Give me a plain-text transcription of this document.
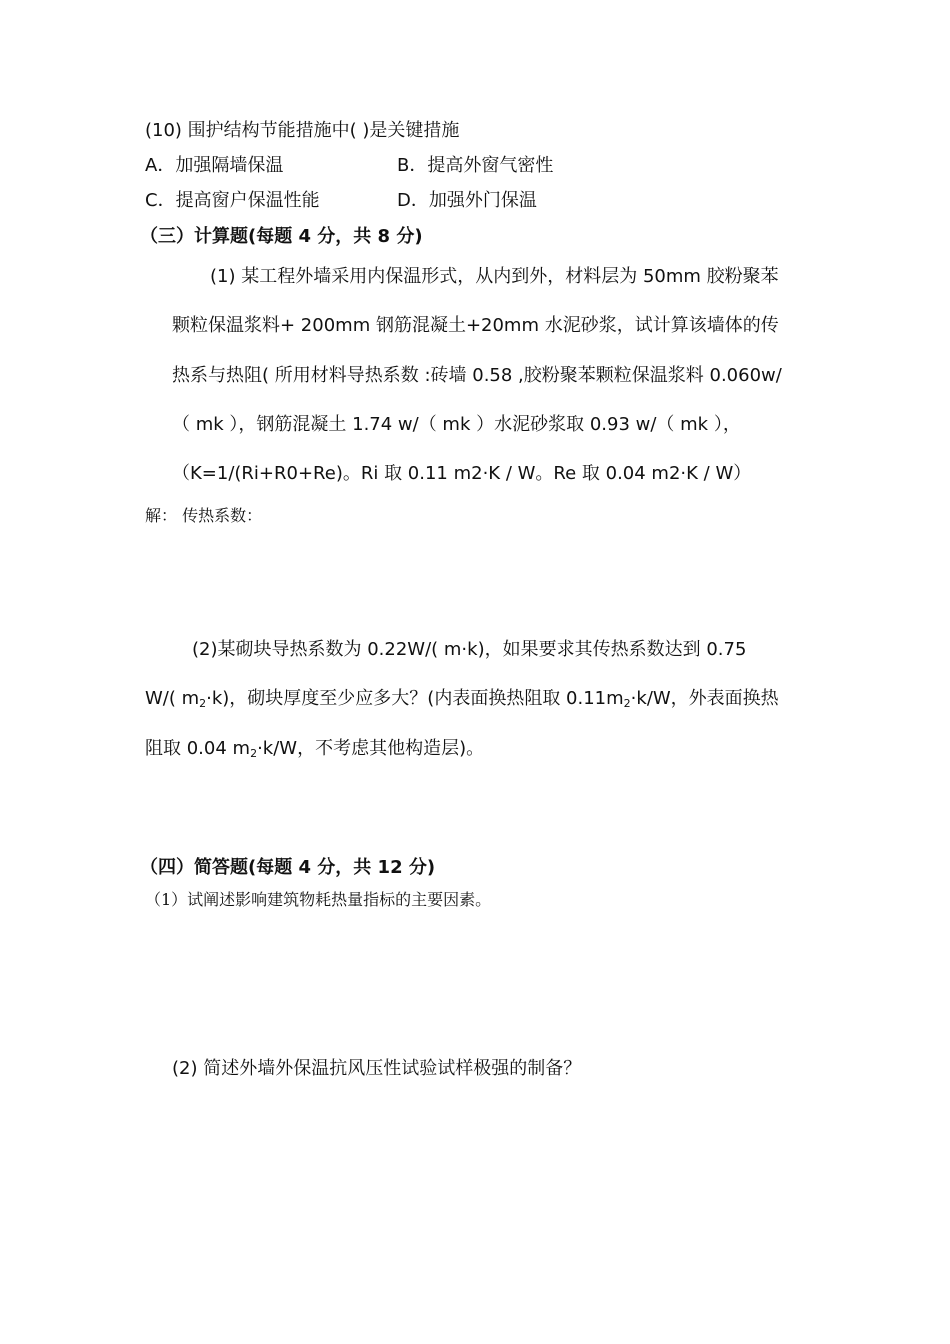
(10) 围护结构节能措施中( )是关键措施
A．加强隔墙保温	B．提高外窗气密性
C．提高窗户保温性能	D．加强外门保温
（三）计算题(每题 4 分，共 8 分)
(1) 某工程外墙采用内保温形式，从内到外，材料层为 50mm 胶粉聚苯
颗粒保温浆料+ 200mm 钢筋混凝土+20mm 水泥砂浆，试计算该墙体的传
热系与热阻( 所用材料导热系数 :砖墙 0.58 ,胶粉聚苯颗粒保温浆料 0.060w/
（ mk ），钢筋混凝土 1.74 w/（ mk ）水泥砂浆取 0.93 w/（ mk ），
（K=1/(Ri+R0+Re)。Ri 取 0.11 m2·K / W。Re 取 0.04 m2·K / W）
解： 传热系数：
(2)某砌块导热系数为 0.22W/( m·k)，如果要求其传热系数达到 0.75
W/( $m_2\cdot k$)，砌块厚度至少应多大？(内表面换热阻取 $0.11m_2\cdot k/W$，外表面换热
阻取 0.04 $m_2\cdot k/W$，不考虑其他构造层)。
（四）简答题(每题 4 分，共 12 分)
（1）试阐述影响建筑物耗热量指标的主要因素。
(2) 简述外墙外保温抗风压性试验试样极强的制备？
